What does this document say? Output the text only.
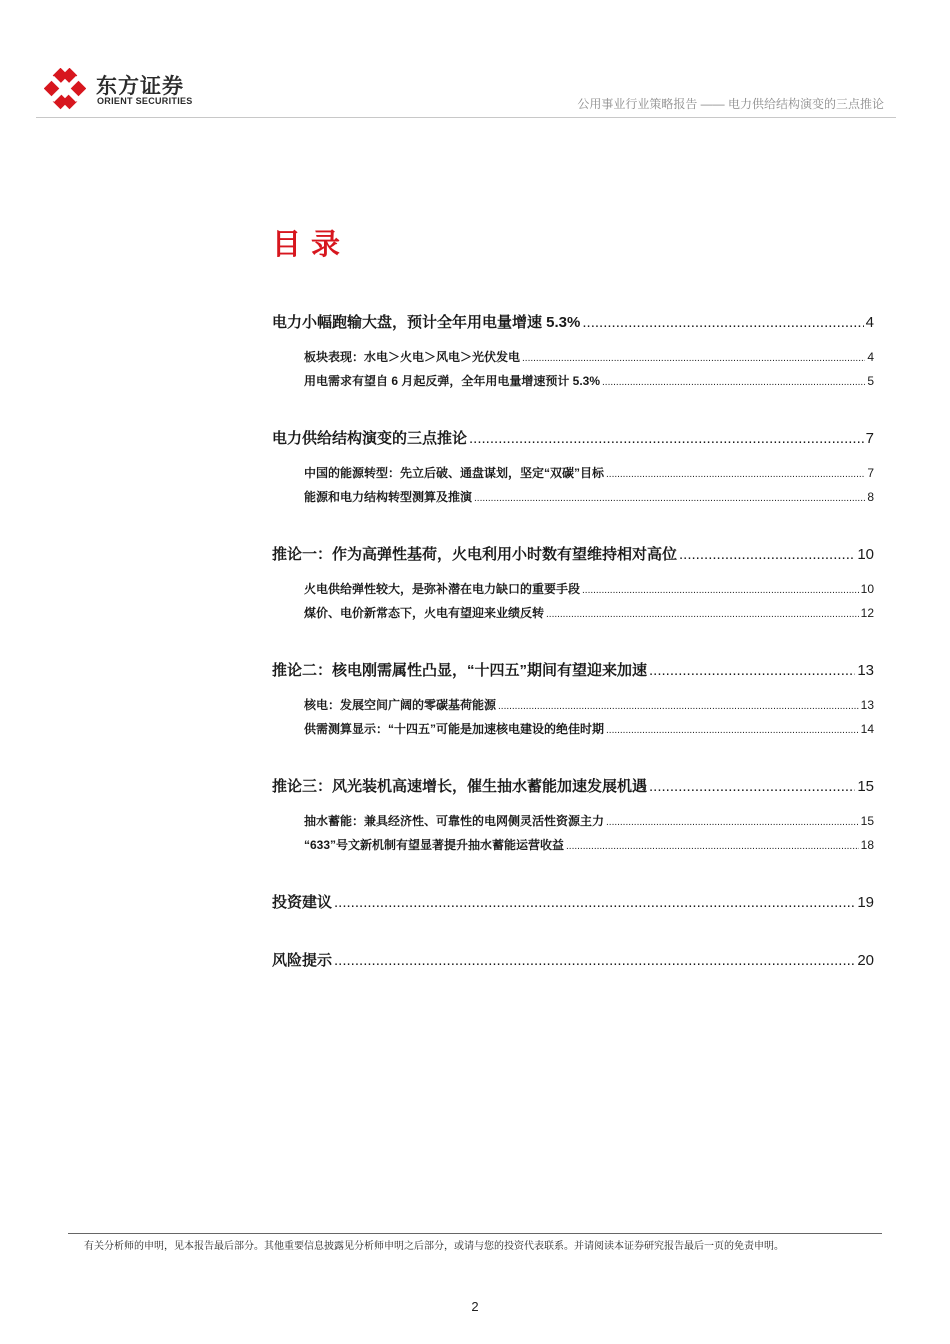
东方证券
ORIENT SECURITIES	公用事业行业策略报告 —— 电力供给结构演变的三点推论
目录
电力小幅跑输大盘，预计全年用电量增速 5.3% .....	4
板块表现：水电＞火电＞风电＞光伏发电 .....	4
用电需求有望自 6 月起反弹，全年用电量增速预计 5.3% .....	5
电力供给结构演变的三点推论 .....	7
中国的能源转型：先立后破、通盘谋划，坚定“双碳”目标 .....	7
能源和电力结构转型测算及推演 .....	8
推论一：作为高弹性基荷，火电利用小时数有望维持相对高位 .....	10
火电供给弹性较大，是弥补潜在电力缺口的重要手段 .....	10
煤价、电价新常态下，火电有望迎来业绩反转 .....	12
推论二：核电刚需属性凸显，“十四五”期间有望迎来加速 .....	13
核电：发展空间广阔的零碳基荷能源 .....	13
供需测算显示：“十四五”可能是加速核电建设的绝佳时期 .....	14
推论三：风光装机高速增长，催生抽水蓄能加速发展机遇 .....	15
抽水蓄能：兼具经济性、可靠性的电网侧灵活性资源主力 .....	15
“633”号文新机制有望显著提升抽水蓄能运营收益 .....	18
投资建议 .....	19
风险提示 .....	20
有关分析师的申明，见本报告最后部分。其他重要信息披露见分析师申明之后部分，或请与您的投资代表联系。并请阅读本证券研究报告最后一页的免责申明。
2
